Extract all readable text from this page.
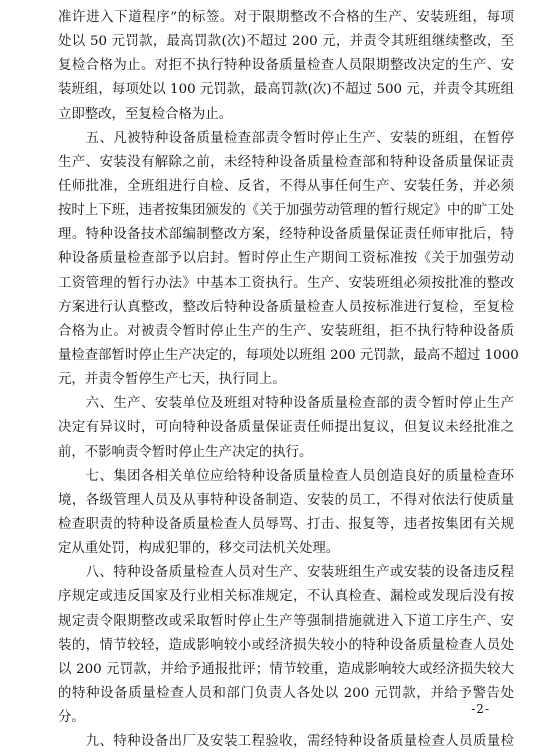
准许进入下道程序”的标签。对于限期整改不合格的生产、安装班组，每项
处以 50 元罚款，最高罚款(次)不超过 200 元，并责令其班组继续整改，至
复检合格为止。对拒不执行特种设备质量检查人员限期整改决定的生产、安
装班组，每项处以 100 元罚款，最高罚款(次)不超过 500 元，并责令其班组
立即整改，至复检合格为止。
　　五、凡被特种设备质量检查部责令暂时停止生产、安装的班组，在暂停
生产、安装没有解除之前，未经特种设备质量检查部和特种设备质量保证责
任师批准，全班组进行自检、反省，不得从事任何生产、安装任务，并必须
按时上下班，违者按集团颁发的《关于加强劳动管理的暂行规定》中的旷工处
理。特种设备技术部编制整改方案，经特种设备质量保证责任师审批后，特
种设备质量检查部予以启封。暂时停止生产期间工资标准按《关于加强劳动
工资管理的暂行办法》中基本工资执行。生产、安装班组必须按批准的整改
方案进行认真整改，整改后特种设备质量检查人员按标准进行复检，至复检
合格为止。对被责令暂时停止生产的生产、安装班组，拒不执行特种设备质
量检查部暂时停止生产决定的，每项处以班组 200 元罚款，最高不超过 1000
元，并责令暂停生产七天，执行同上。
　　六、生产、安装单位及班组对特种设备质量检查部的责令暂时停止生产
决定有异议时，可向特种设备质量保证责任师提出复议，但复议未经批准之
前，不影响责令暂时停止生产决定的执行。
　　七、集团各相关单位应给特种设备质量检查人员创造良好的质量检查环
境，各级管理人员及从事特种设备制造、安装的员工，不得对依法行使质量
检查职责的特种设备质量检查人员辱骂、打击、报复等，违者按集团有关规
定从重处罚，构成犯罪的，移交司法机关处理。
　　八、特种设备质量检查人员对生产、安装班组生产或安装的设备违反程
序规定或违反国家及行业相关标准规定，不认真检查、漏检或发现后没有按
规定责令限期整改或采取暂时停止生产等强制措施就进入下道工序生产、安
装的，情节较轻，造成影响较小或经济损失较小的特种设备质量检查人员处
以 200 元罚款，并给予通报批评；情节较重，造成影响较大或经济损失较大
的特种设备质量检查人员和部门负责人各处以 200 元罚款，并给予警告处
分。
　　九、特种设备出厂及安装工程验收，需经特种设备质量检查人员质量检
-2-
